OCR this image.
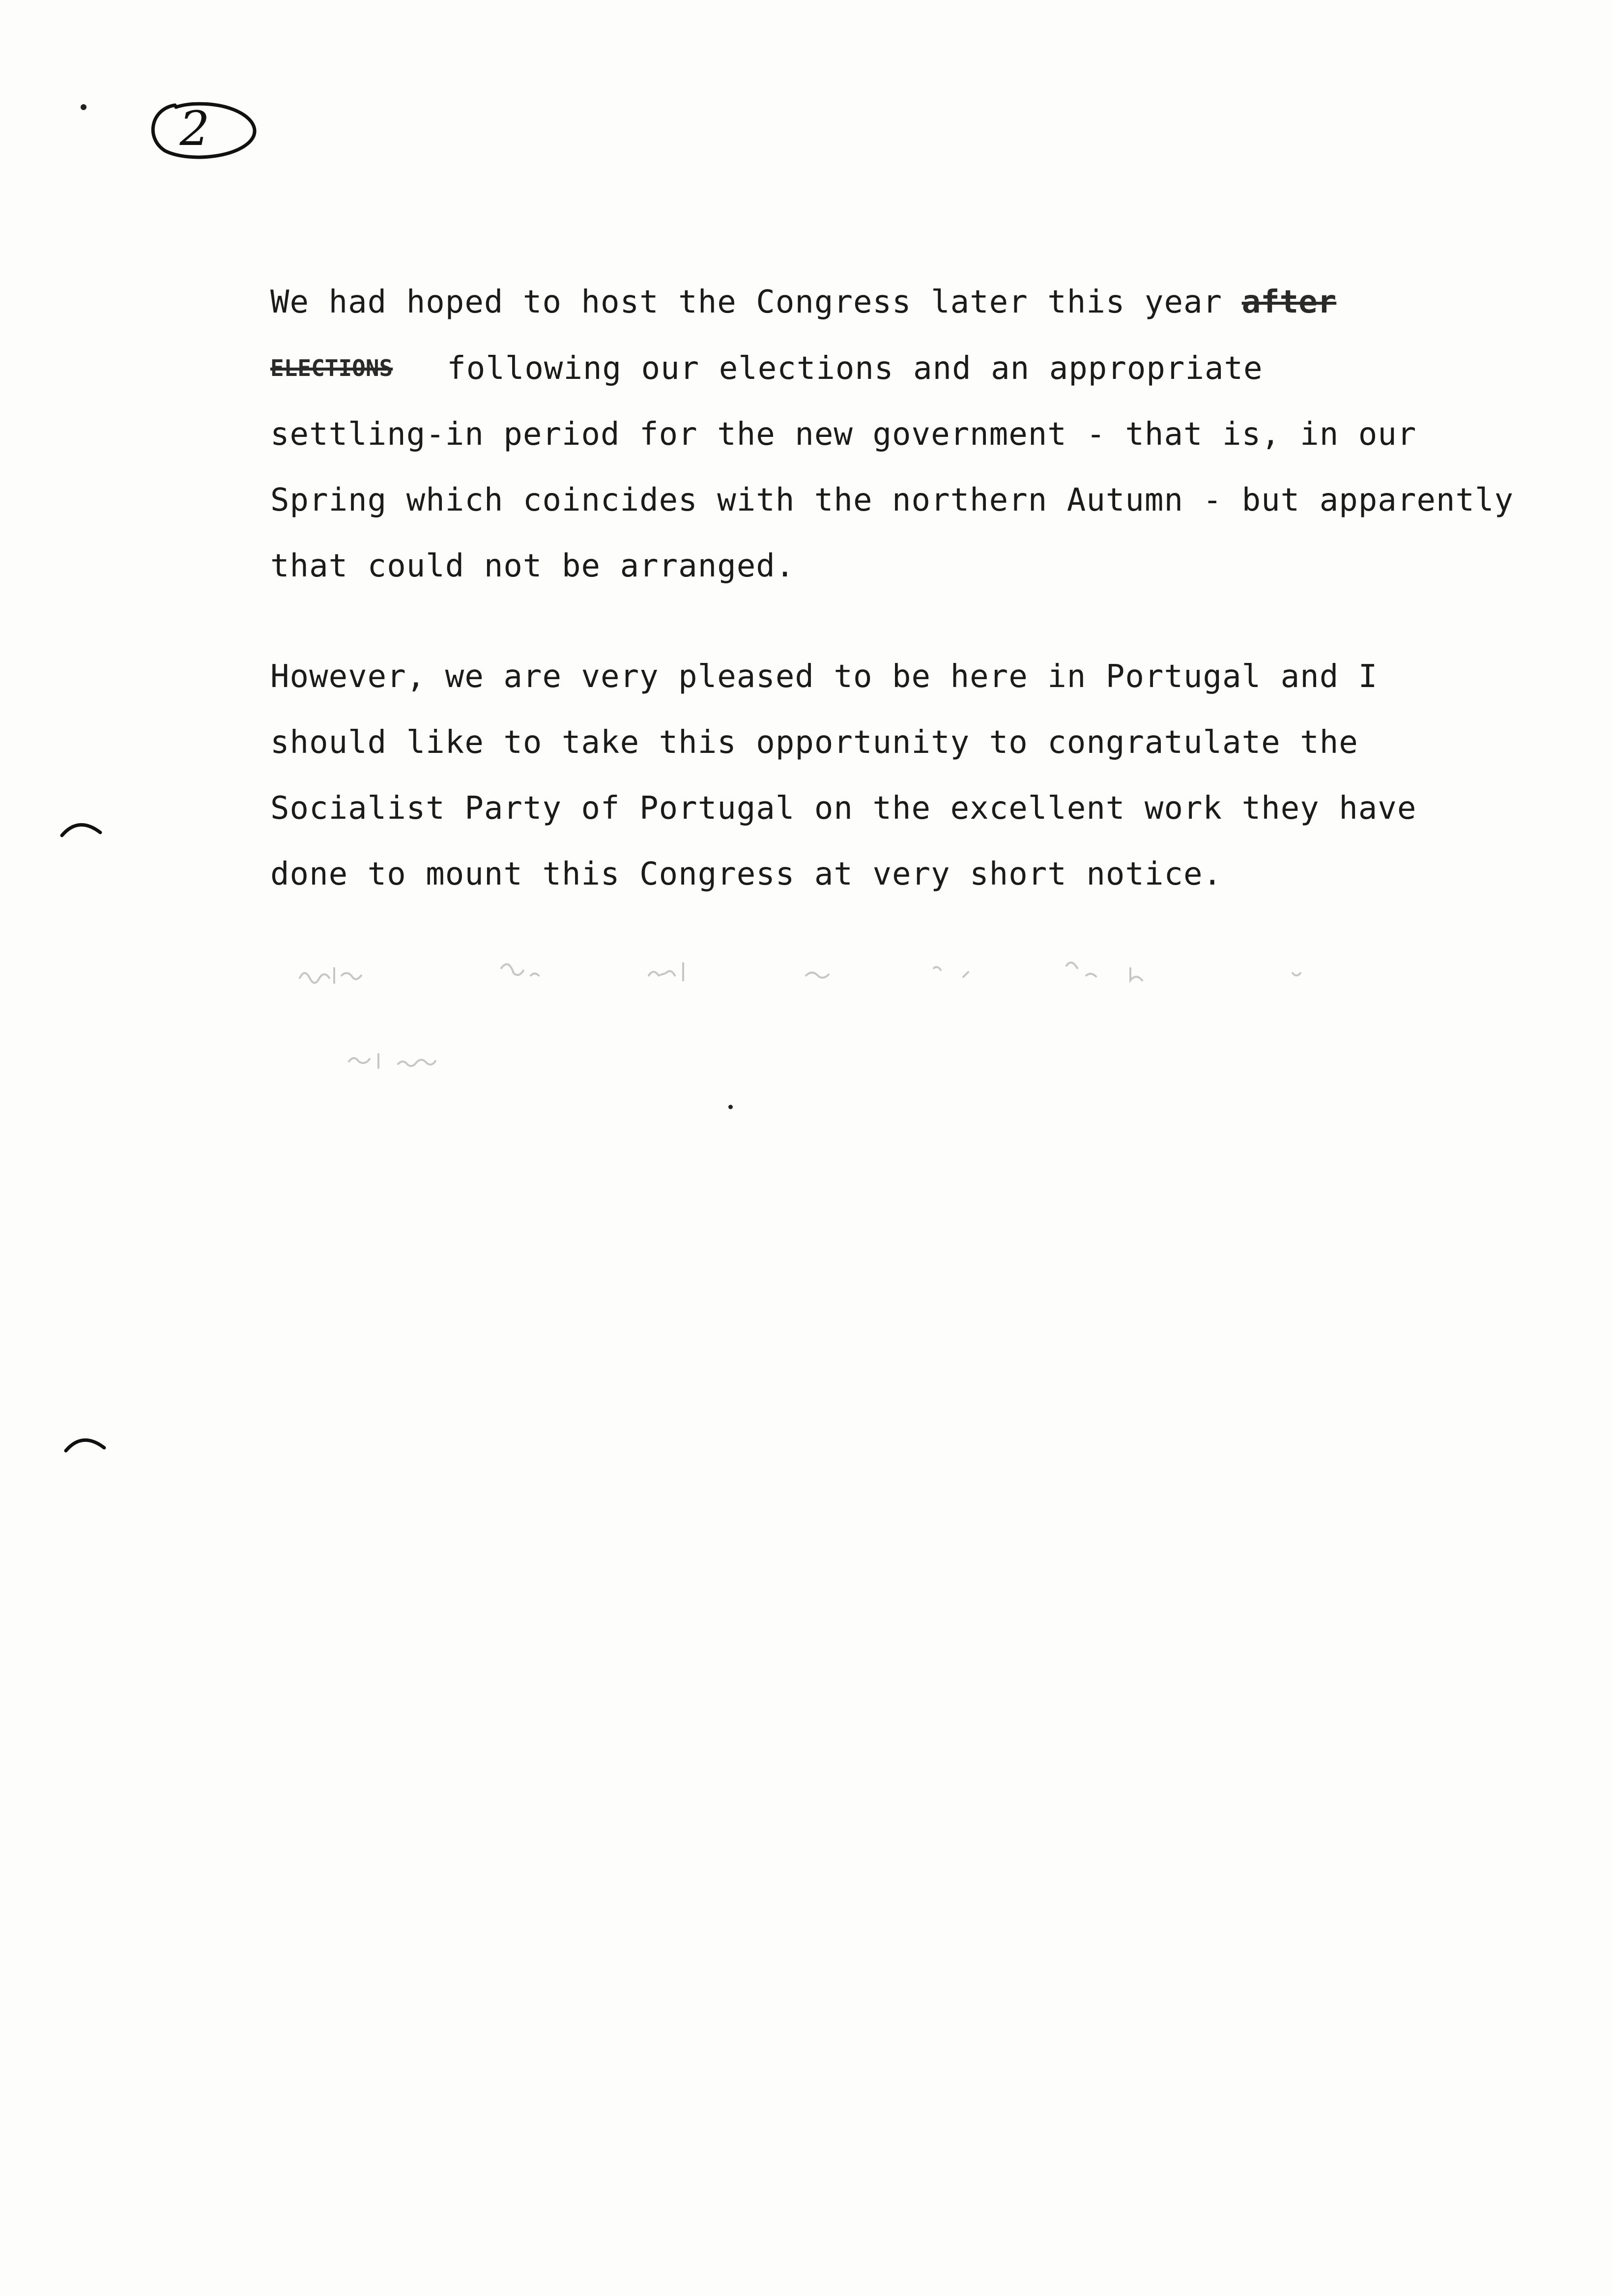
2

We had hoped to host the Congress later this year after
ELECTIONS following our elections and an appropriate
settling-in period for the new government - that is, in our
Spring which coincides with the northern Autumn - but apparently
that could not be arranged.

However, we are very pleased to be here in Portugal and I
should like to take this opportunity to congratulate the
Socialist Party of Portugal on the excellent work they have
done to mount this Congress at very short notice.
